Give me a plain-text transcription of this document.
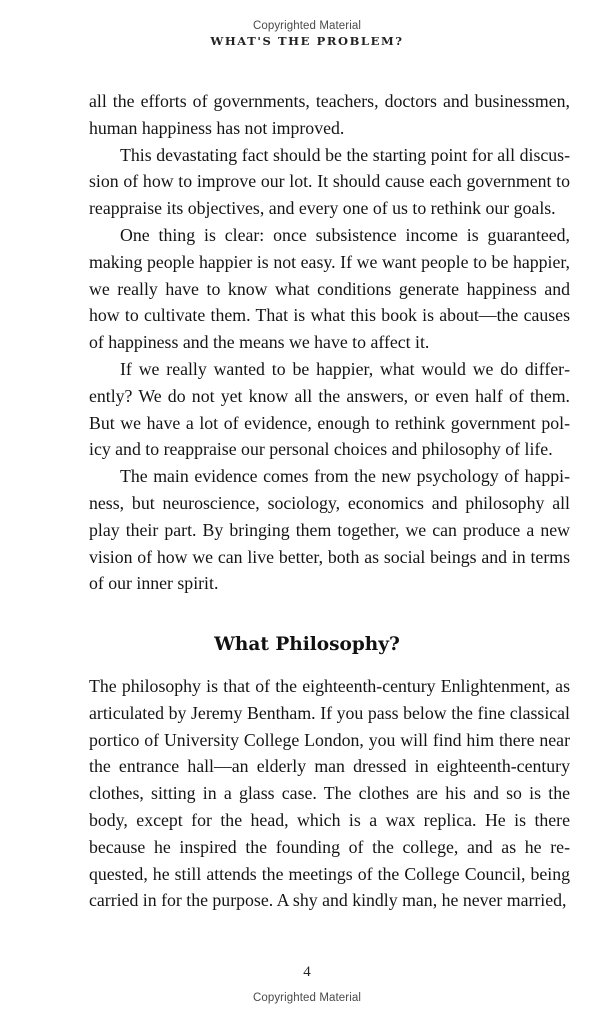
Copyrighted Material
WHAT'S THE PROBLEM?

all the efforts of governments, teachers, doctors and businessmen, human happiness has not improved.

This devastating fact should be the starting point for all discussion of how to improve our lot. It should cause each government to reappraise its objectives, and every one of us to rethink our goals.

One thing is clear: once subsistence income is guaranteed, making people happier is not easy. If we want people to be happier, we really have to know what conditions generate happiness and how to cultivate them. That is what this book is about—the causes of happiness and the means we have to affect it.

If we really wanted to be happier, what would we do differently? We do not yet know all the answers, or even half of them. But we have a lot of evidence, enough to rethink government policy and to reappraise our personal choices and philosophy of life.

The main evidence comes from the new psychology of happiness, but neuroscience, sociology, economics and philosophy all play their part. By bringing them together, we can produce a new vision of how we can live better, both as social beings and in terms of our inner spirit.

What Philosophy?

The philosophy is that of the eighteenth-century Enlightenment, as articulated by Jeremy Bentham. If you pass below the fine classical portico of University College London, you will find him there near the entrance hall—an elderly man dressed in eighteenth-century clothes, sitting in a glass case. The clothes are his and so is the body, except for the head, which is a wax replica. He is there because he inspired the founding of the college, and as he requested, he still attends the meetings of the College Council, being carried in for the purpose. A shy and kindly man, he never married,

4
Copyrighted Material
